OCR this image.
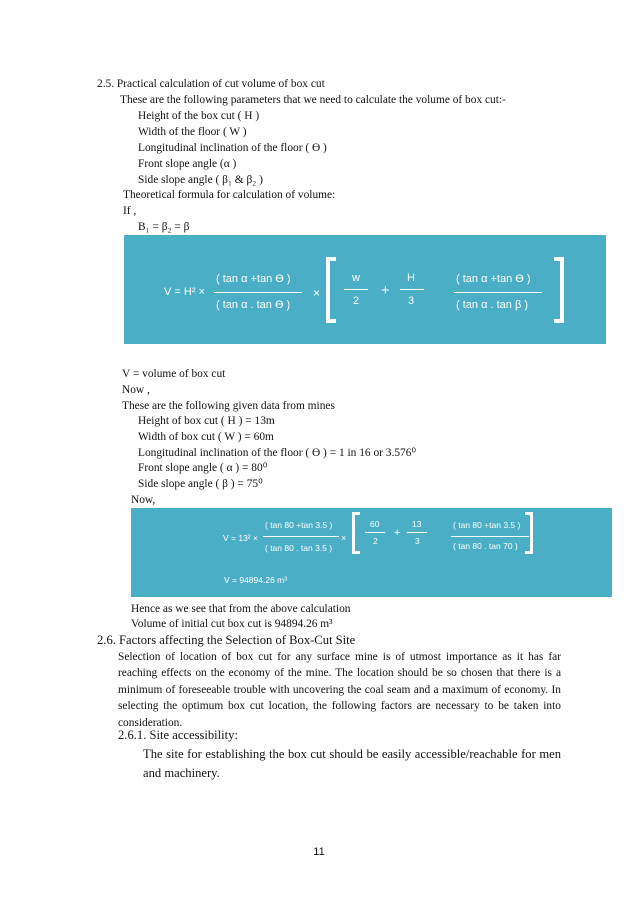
2.5. Practical calculation of cut volume of box cut
These are the following parameters that we need to calculate the volume of box cut:-
Height of the box cut ( H )
Width of the floor ( W )
Longitudinal inclination of the floor ( Ө )
Front slope angle (α )
Side slope angle ( β₁ & β₂ )
Theoretical formula for calculation of volume:
If ,
B₁ = β₂ = β
V = H² ×
( tan α +tan Ө )
( tan α . tan Ө )
×
w
2
+
H
3
( tan α +tan Ө )
( tan α . tan β )
V = volume of box cut
Now ,
These are the following given data from mines
Height of box cut ( H ) = 13m
Width of box cut ( W ) = 60m
Longitudinal inclination of the floor ( Ө ) = 1 in 16 or 3.576⁰
Front slope angle ( α ) = 80⁰
Side slope angle ( β ) = 75⁰
Now,
V = 13² ×
( tan 80 +tan 3.5 )
( tan 80 . tan 3.5 )
×
60
2
+
13
3
( tan 80 +tan 3.5 )
( tan 80 . tan 70 )
V = 94894.26 m³
Hence as we see that from the above calculation
Volume of initial cut box cut is 94894.26 m³
2.6. Factors affecting the Selection of Box-Cut Site
Selection of location of box cut for any surface mine is of utmost importance as it has far reaching effects on the economy of the mine. The location should be so chosen that there is a minimum of foreseeable trouble with uncovering the coal seam and a maximum of economy. In selecting the optimum box cut location, the following factors are necessary to be taken into consideration.
2.6.1. Site accessibility:
The site for establishing the box cut should be easily accessible/reachable for men and machinery.
11
